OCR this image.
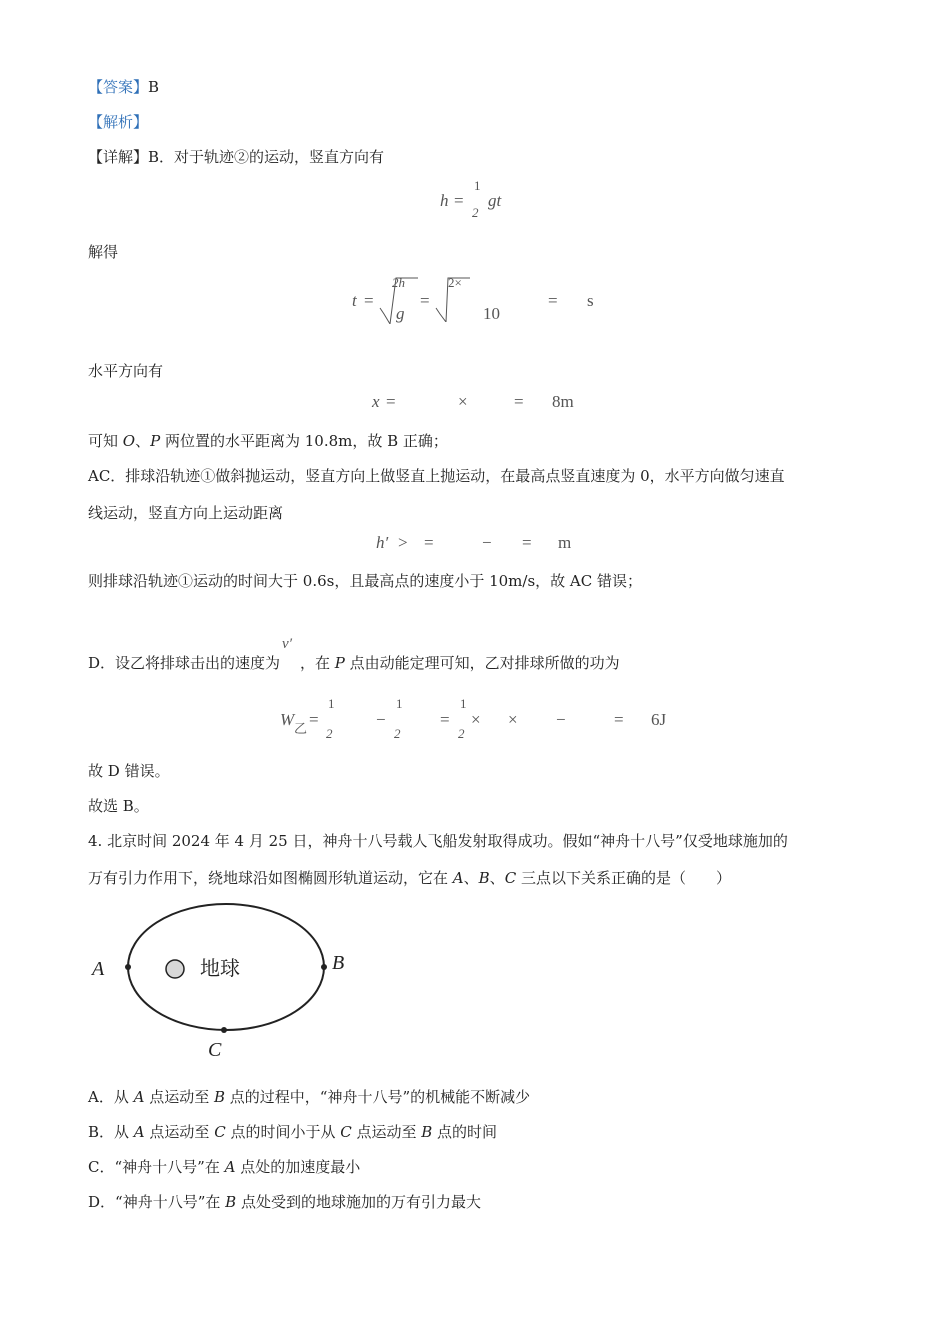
【答案】B
【解析】
【详解】B．对于轨迹②的运动，竖直方向有
h =
1
2
gt
解得
t =
2h
g
=
2×
10
= s
水平方向有
x =	×	= 8m
可知 O、P 两位置的水平距离为 10.8m，故 B 正确；
AC．排球沿轨迹①做斜抛运动，竖直方向上做竖直上抛运动，在最高点竖直速度为 0，水平方向做匀速直
线运动，竖直方向上运动距离
h′ > =	− = m
则排球沿轨迹①运动的时间大于 0.6s，且最高点的速度小于 10m/s，故 AC 错误；
D．设乙将排球击出的速度为v′，在 P 点由动能定理可知，乙对排球所做的功为
W 乙 =
1
2
−
1
2
=
1
2
× × −	= 6J
故 D 错误。
故选 B。
4. 北京时间 2024 年 4 月 25 日，神舟十八号载人飞船发射取得成功。假如“神舟十八号”仅受地球施加的
万有引力作用下，绕地球沿如图椭圆形轨道运动，它在 A、B、C 三点以下关系正确的是（　　）
地球
A	B
C
A．从 A 点运动至 B 点的过程中，“神舟十八号”的机械能不断减少
B．从 A 点运动至 C 点的时间小于从 C 点运动至 B 点的时间
C．“神舟十八号”在 A 点处的加速度最小
D．“神舟十八号”在 B 点处受到的地球施加的万有引力最大
